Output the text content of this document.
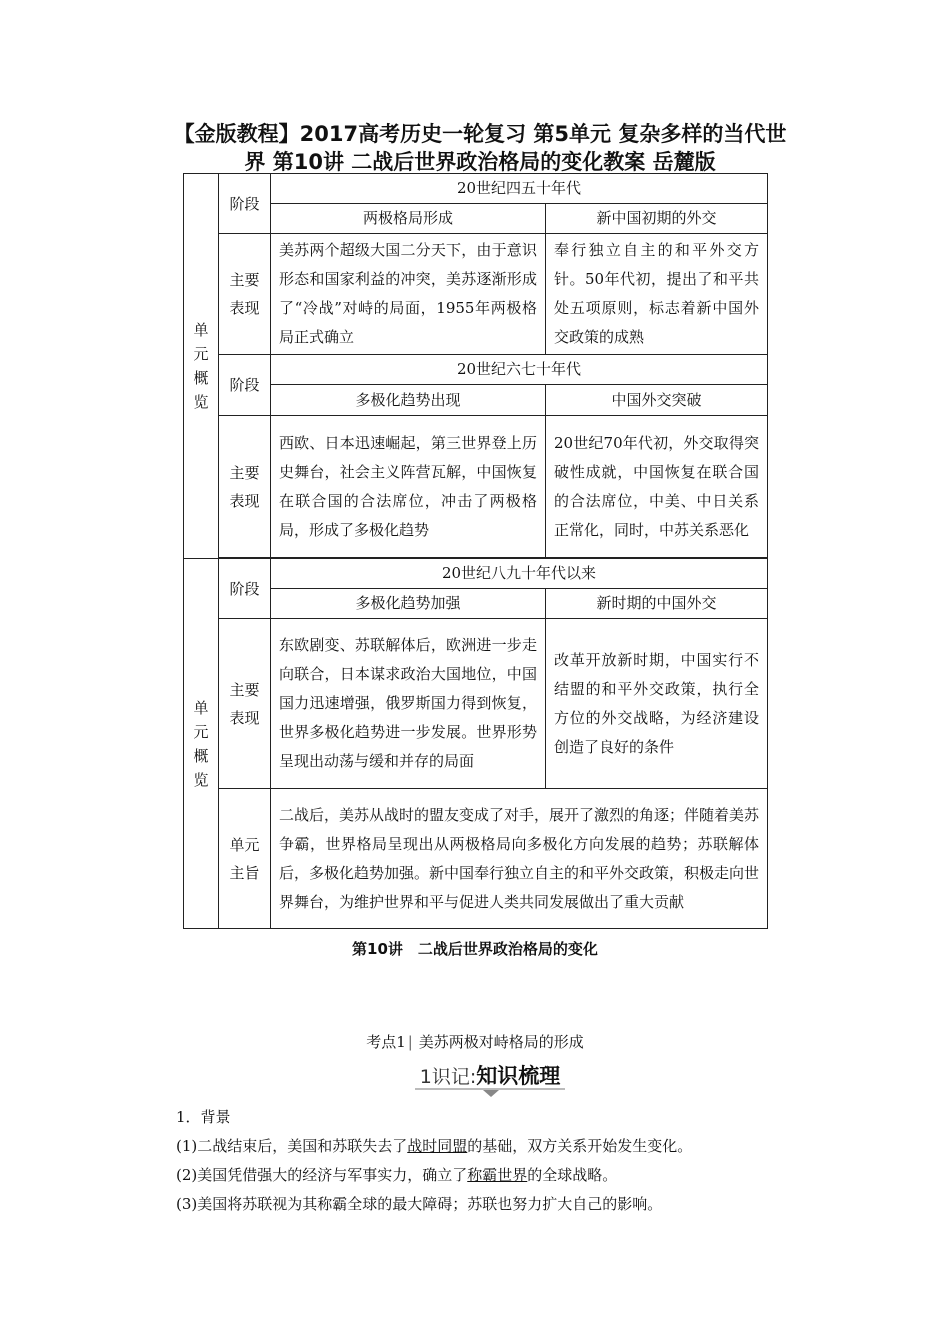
【金版教程】2017高考历史一轮复习 第5单元 复杂多样的当代世
界 第10讲 二战后世界政治格局的变化教案 岳麓版
单
元
概
览	阶段	20世纪四五十年代	
		两极格局形成	新中国初期的外交

	主要
表现	美苏两个超级大国二分天下，由于意识形态和国家利益的冲突，美苏逐渐形成了“冷战”对峙的局面，1955年两极格局正式确立	奉行独立自主的和平外交方针。50年代初，提出了和平共处五项原则，标志着新中国外交政策的成熟

	阶段	20世纪六七十年代	
		多极化趋势出现	中国外交突破

	主要
表现	西欧、日本迅速崛起，第三世界登上历史舞台，社会主义阵营瓦解，中国恢复在联合国的合法席位，冲击了两极格局，形成了多极化趋势	20世纪70年代初，外交取得突破性成就，中国恢复在联合国的合法席位，中美、中日关系正常化，同时，中苏关系恶化

单
元
概
览	阶段	20世纪八九十年代以来	
		多极化趋势加强	新时期的中国外交

	主要
表现	东欧剧变、苏联解体后，欧洲进一步走向联合，日本谋求政治大国地位，中国国力迅速增强，俄罗斯国力得到恢复，世界多极化趋势进一步发展。世界形势呈现出动荡与缓和并存的局面	改革开放新时期，中国实行不结盟的和平外交政策，执行全方位的外交战略，为经济建设创造了良好的条件

	单元
主旨	二战后，美苏从战时的盟友变成了对手，展开了激烈的角逐；伴随着美苏争霸，世界格局呈现出从两极格局向多极化方向发展的趋势；苏联解体后，多极化趋势加强。新中国奉行独立自主的和平外交政策，积极走向世界舞台，为维护世界和平与促进人类共同发展做出了重大贡献	
第10讲　二战后世界政治格局的变化
考点1 | 美苏两极对峙格局的形成
1识记:知识梳理
1．背景
(1)二战结束后，美国和苏联失去了战时同盟的基础，双方关系开始发生变化。
(2)美国凭借强大的经济与军事实力，确立了称霸世界的全球战略。
(3)美国将苏联视为其称霸全球的最大障碍；苏联也努力扩大自己的影响。
